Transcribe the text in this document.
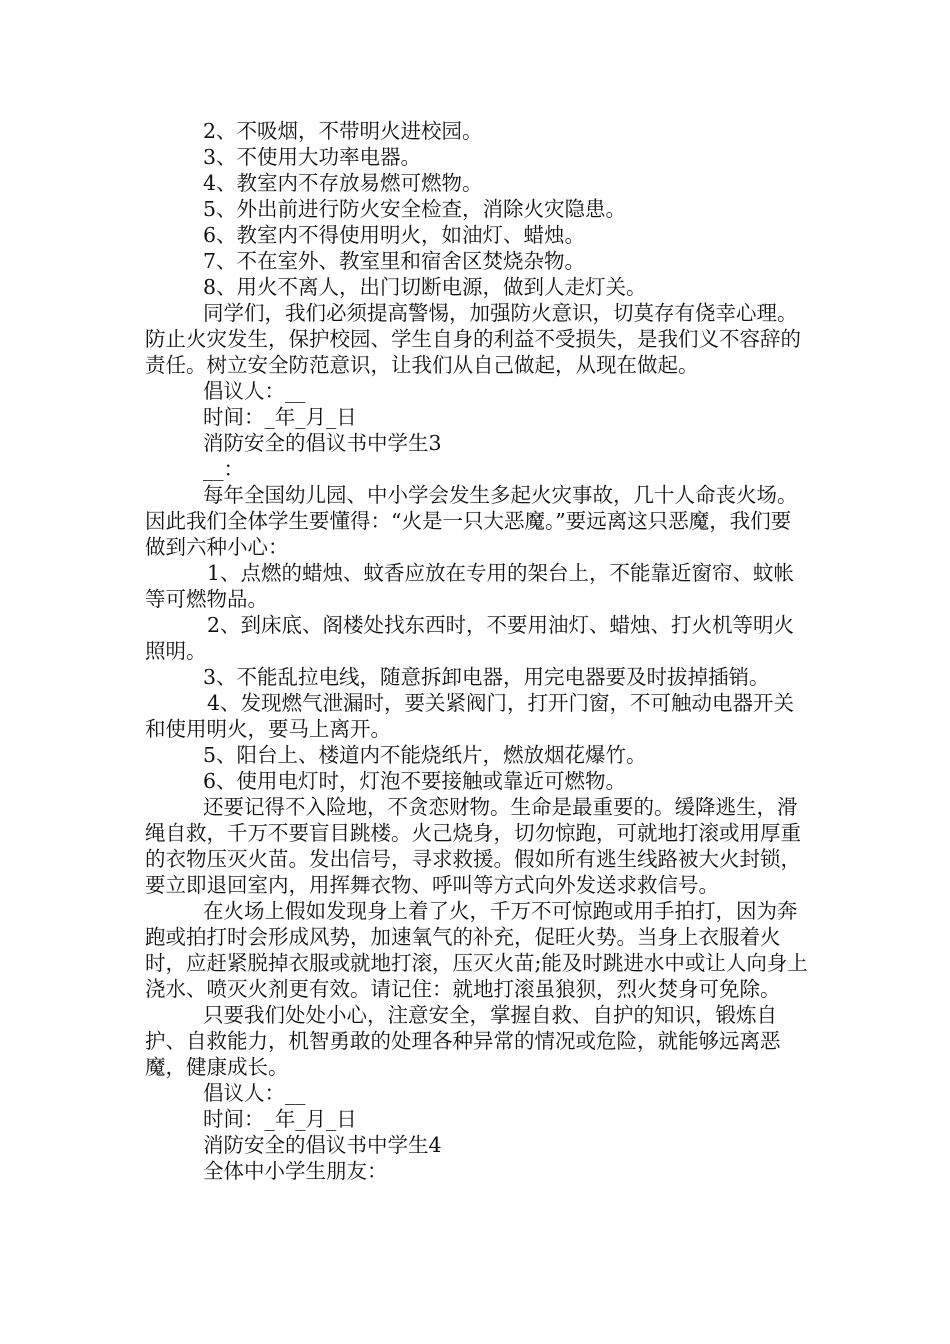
2、不吸烟，不带明火进校园。

3、不使用大功率电器。

4、教室内不存放易燃可燃物。

5、外出前进行防火安全检查，消除火灾隐患。

6、教室内不得使用明火，如油灯、蜡烛。

7、不在室外、教室里和宿舍区焚烧杂物。

8、用火不离人，出门切断电源，做到人走灯关。

同学们，我们必须提高警惕，加强防火意识，切莫存有侥幸心理。防止火灾发生，保护校园、学生自身的利益不受损失，是我们义不容辞的责任。树立安全防范意识，让我们从自己做起，从现在做起。

倡议人：__

时间：_年_月_日

消防安全的倡议书中学生3

__：

每年全国幼儿园、中小学会发生多起火灾事故，几十人命丧火场。因此我们全体学生要懂得：“火是一只大恶魔。”要远离这只恶魔，我们要做到六种小心：

1、点燃的蜡烛、蚊香应放在专用的架台上，不能靠近窗帘、蚊帐等可燃物品。

2、到床底、阁楼处找东西时，不要用油灯、蜡烛、打火机等明火照明。

3、不能乱拉电线，随意拆卸电器，用完电器要及时拔掉插销。

4、发现燃气泄漏时，要关紧阀门，打开门窗，不可触动电器开关和使用明火，要马上离开。

5、阳台上、楼道内不能烧纸片，燃放烟花爆竹。

6、使用电灯时，灯泡不要接触或靠近可燃物。

还要记得不入险地，不贪恋财物。生命是最重要的。缓降逃生，滑绳自救，千万不要盲目跳楼。火己烧身，切勿惊跑，可就地打滚或用厚重的衣物压灭火苗。发出信号，寻求救援。假如所有逃生线路被大火封锁，要立即退回室内，用挥舞衣物、呼叫等方式向外发送求救信号。

在火场上假如发现身上着了火，千万不可惊跑或用手拍打，因为奔跑或拍打时会形成风势，加速氧气的补充，促旺火势。当身上衣服着火时，应赶紧脱掉衣服或就地打滚，压灭火苗;能及时跳进水中或让人向身上浇水、喷灭火剂更有效。请记住：就地打滚虽狼狈，烈火焚身可免除。

只要我们处处小心，注意安全，掌握自救、自护的知识，锻炼自护、自救能力，机智勇敢的处理各种异常的情况或危险，就能够远离恶魔，健康成长。

倡议人：__

时间：_年_月_日

消防安全的倡议书中学生4

全体中小学生朋友：
